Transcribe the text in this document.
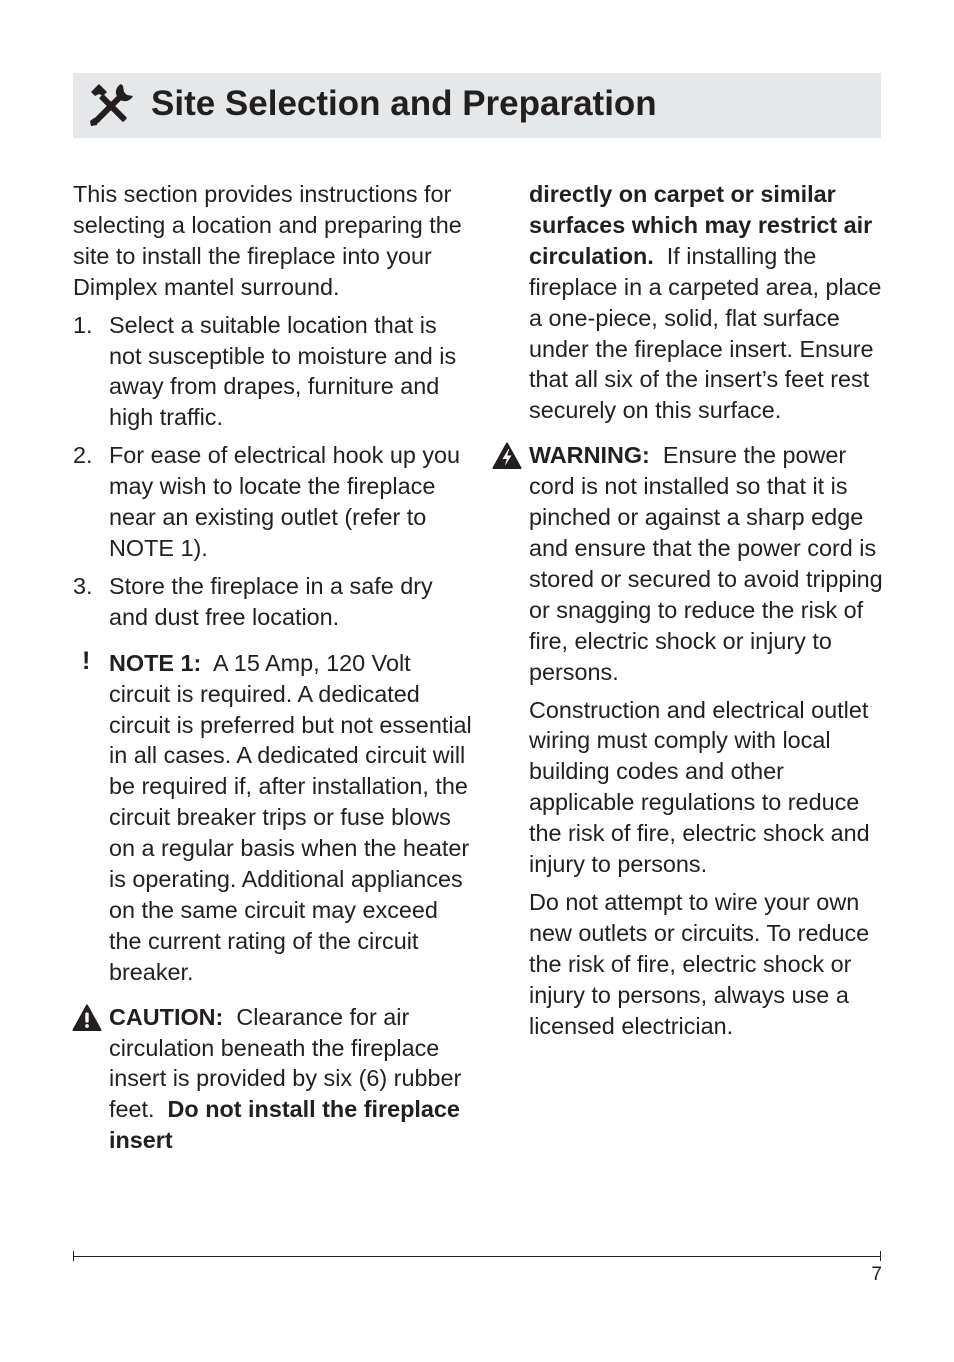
Site Selection and Preparation

This section provides instructions for selecting a location and preparing the site to install the fireplace into your Dimplex mantel surround.

1. Select a suitable location that is not susceptible to moisture and is away from drapes, furniture and high traffic.
2. For ease of electrical hook up you may wish to locate the fireplace near an existing outlet (refer to NOTE 1).
3. Store the fireplace in a safe dry and dust free location.
! NOTE 1: A 15 Amp, 120 Volt circuit is required. A dedicated circuit is preferred but not essential in all cases. A dedicated circuit will be required if, after installation, the circuit breaker trips or fuse blows on a regular basis when the heater is operating. Additional appliances on the same circuit may exceed the current rating of the circuit breaker.
CAUTION: Clearance for air circulation beneath the fireplace insert is provided by six (6) rubber feet. Do not install the fireplace insert

directly on carpet or similar surfaces which may restrict air circulation. If installing the fireplace in a carpeted area, place a one-piece, solid, flat surface under the fireplace insert. Ensure that all six of the insert’s feet rest securely on this surface.

WARNING: Ensure the power cord is not installed so that it is pinched or against a sharp edge and ensure that the power cord is stored or secured to avoid tripping or snagging to reduce the risk of fire, electric shock or injury to persons.

Construction and electrical outlet wiring must comply with local building codes and other applicable regulations to reduce the risk of fire, electric shock and injury to persons.

Do not attempt to wire your own new outlets or circuits. To reduce the risk of fire, electric shock or injury to persons, always use a licensed electrician.

7
